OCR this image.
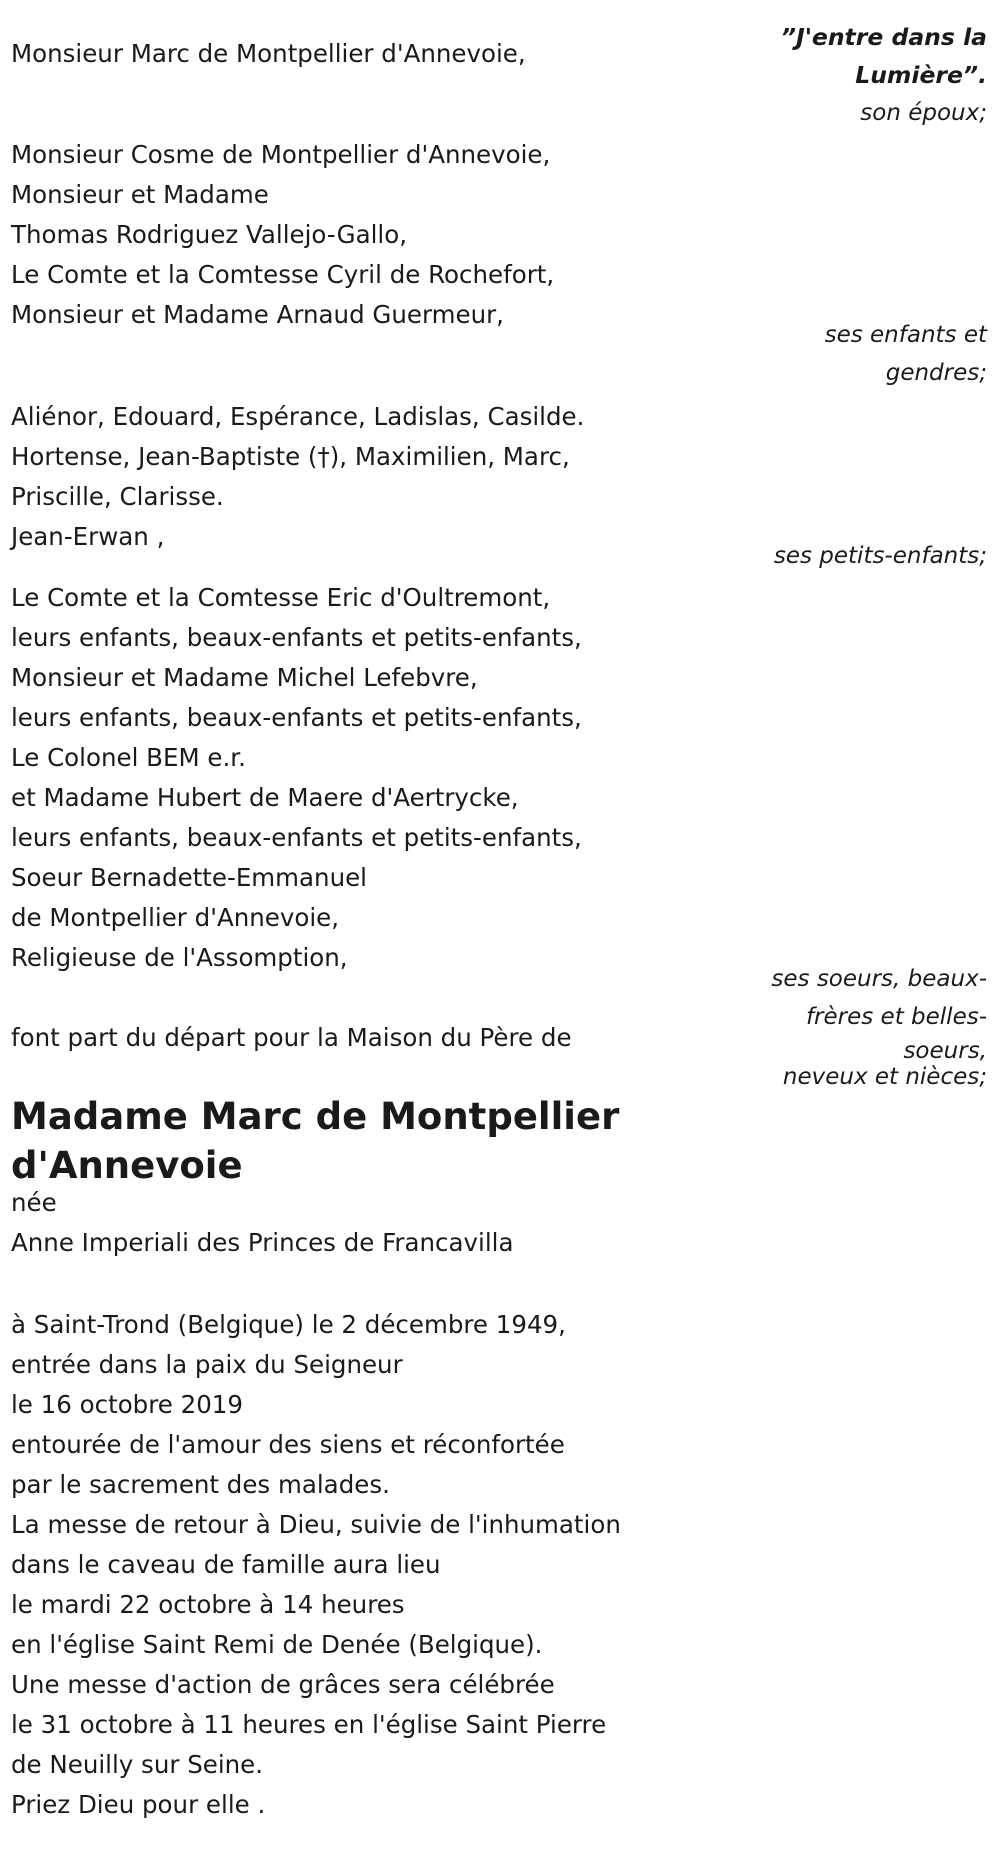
Monsieur Marc de Montpellier d'Annevoie,
”J'entre dans la
Lumière”.
son époux;
Monsieur Cosme de Montpellier d'Annevoie,
Monsieur et Madame
Thomas Rodriguez Vallejo-Gallo,
Le Comte et la Comtesse Cyril de Rochefort,
Monsieur et Madame Arnaud Guermeur,
ses enfants et
gendres;
Aliénor, Edouard, Espérance, Ladislas, Casilde.
Hortense, Jean-Baptiste (†), Maximilien, Marc,
Priscille, Clarisse.
Jean-Erwan ,
ses petits-enfants;
Le Comte et la Comtesse Eric d'Oultremont,
leurs enfants, beaux-enfants et petits-enfants,
Monsieur et Madame Michel Lefebvre,
leurs enfants, beaux-enfants et petits-enfants,
Le Colonel BEM e.r.
et Madame Hubert de Maere d'Aertrycke,
leurs enfants, beaux-enfants et petits-enfants,
Soeur Bernadette-Emmanuel
de Montpellier d'Annevoie,
Religieuse de l'Assomption,
ses soeurs, beaux-
frères et belles-
soeurs,
neveux et nièces;
font part du départ pour la Maison du Père de
Madame Marc de Montpellier
d'Annevoie
née
Anne Imperiali des Princes de Francavilla
à Saint-Trond (Belgique) le 2 décembre 1949,
entrée dans la paix du Seigneur
le 16 octobre 2019
entourée de l'amour des siens et réconfortée
par le sacrement des malades.
La messe de retour à Dieu, suivie de l'inhumation
dans le caveau de famille aura lieu
le mardi 22 octobre à 14 heures
en l'église Saint Remi de Denée (Belgique).
Une messe d'action de grâces sera célébrée
le 31 octobre à 11 heures en l'église Saint Pierre
de Neuilly sur Seine.
Priez Dieu pour elle .
